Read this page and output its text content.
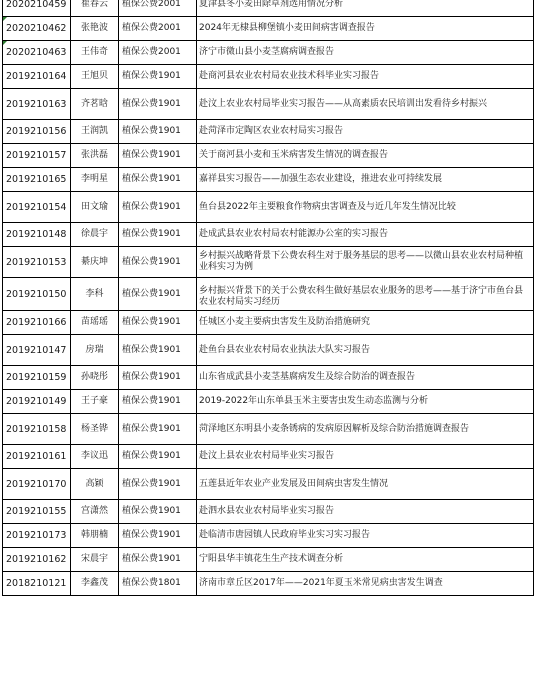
2020210459	崔春云	植保公费2001	夏津县冬小麦田除草剂选用情况分析
2020210462	张艳波	植保公费2001	2024年无棣县柳堡镇小麦田间病害调查报告
2020210463	王伟奇	植保公费2001	济宁市微山县小麦茎腐病调查报告
2019210164	王旭贝	植保公费1901	赴商河县农业农村局农业技术科毕业实习报告
2019210163	齐茗晗	植保公费1901	赴汶上农业农村局毕业实习报告——从高素质农民培训出发看待乡村振兴
2019210156	王润凯	植保公费1901	赴菏泽市定陶区农业农村局实习报告
2019210157	张洪磊	植保公费1901	关于商河县小麦和玉米病害发生情况的调查报告
2019210165	李明星	植保公费1901	嘉祥县实习报告——加强生态农业建设，推进农业可持续发展
2019210154	田文瑜	植保公费1901	鱼台县2022年主要粮食作物病虫害调查及与近几年发生情况比较
2019210148	徐晨宇	植保公费1901	赴成武县农业农村局农村能源办公室的实习报告
2019210153	綦庆坤	植保公费1901	乡村振兴战略背景下公费农科生对于服务基层的思考——以微山县农业农村局种植业科实习为例
2019210150	李科	植保公费1901	乡村振兴背景下的关于公费农科生做好基层农业服务的思考——基于济宁市鱼台县农业农村局实习经历
2019210166	苗瑶瑶	植保公费1901	任城区小麦主要病虫害发生及防治措施研究
2019210147	房瑞	植保公费1901	赴鱼台县农业农村局农业执法大队实习报告
2019210159	孙晓彤	植保公费1901	山东省成武县小麦茎基腐病发生及综合防治的调查报告
2019210149	王子豪	植保公费1901	2019-2022年山东单县玉米主要害虫发生动态监测与分析
2019210158	杨圣铧	植保公费1901	菏泽地区东明县小麦条锈病的发病原因解析及综合防治措施调查报告
2019210161	李议迅	植保公费1901	赴汶上县农业农村局毕业实习报告
2019210170	高颖	植保公费1901	五莲县近年农业产业发展及田间病虫害发生情况
2019210155	宫潇然	植保公费1901	赴泗水县农业农村局毕业实习报告
2019210173	韩朋楠	植保公费1901	赴临清市唐园镇人民政府毕业实习实习报告
2019210162	宋晨宇	植保公费1901	宁阳县华丰镇花生生产技术调查分析
2018210121	李鑫茂	植保公费1801	济南市章丘区2017年——2021年夏玉米常见病虫害发生调查
